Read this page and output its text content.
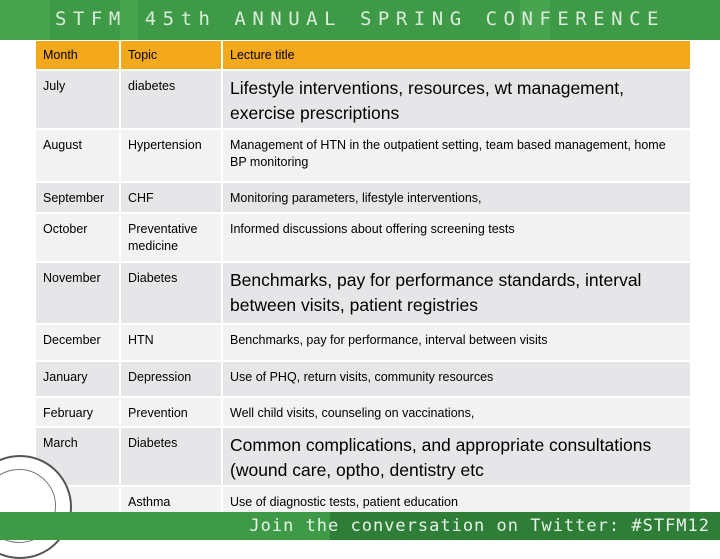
STFM 45th ANNUAL SPRING CONFERENCE
Month	Topic	Lecture title
July	diabetes	Lifestyle interventions, resources, wt management, exercise prescriptions
August	Hypertension	Management of HTN in the outpatient setting, team based management, home BP monitoring
September	CHF	Monitoring parameters, lifestyle interventions,
October	Preventative medicine	Informed discussions about offering screening tests
November	Diabetes	Benchmarks, pay for performance standards, interval between visits, patient registries
December	HTN	Benchmarks, pay for performance, interval between visits
January	Depression	Use of PHQ, return visits, community resources
February	Prevention	Well child visits, counseling on vaccinations,
March	Diabetes	Common complications, and appropriate consultations (wound care, optho, dentistry etc
	Asthma	Use of diagnostic tests, patient education
Join the conversation on Twitter: #STFM12
